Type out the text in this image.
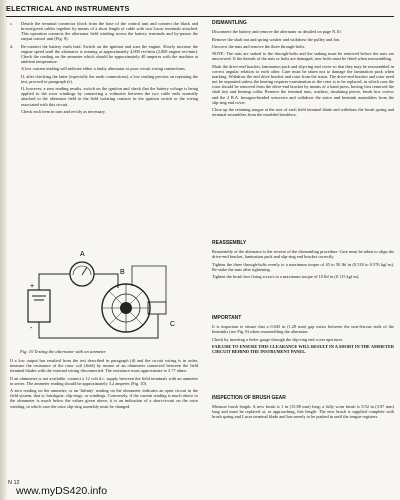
ELECTRICAL AND INSTRUMENTS
c.	Detach the terminal connector block from the base of the control unit and connect the black and brown/green cables together by means of a short length of cable with two Lucar terminals attached. This operation connects the alternator field winding across the battery terminals and by-passes the output control unit (Fig. 9).
d.	Re-connect the battery earth lead. Switch on the ignition and start the engine. Slowly increase the engine speed until the alternator is running at approximately 4,000 rev/min (2,000 engine rev/min). Check the reading on the ammeter which should be approximately 40 amperes with the machine at ambient temperature.

A low current reading will indicate either a faulty alternator or poor circuit wiring connections.

If, after checking the latter (especially the earth connections), a low reading persists on repeating the test, proceed to paragraph (e).

If, however, a zero reading results, switch on the ignition and check that the battery voltage is being applied to the rotor windings by connecting a voltmeter between the two cable ends normally attached to the alternator field in the field isolating contacts in the ignition switch or the wiring associated with this circuit.

Check each item in turn and rectify as necessary.

A
B
C
+
-
Fig. 10 Testing the alternator with an ammeter

If a low output has resulted from the test described in paragraph (d) and the circuit wiring is in order, measure the resistance of the rotor coil (field) by means of an ohmmeter connected between the field terminal blades with the external wiring disconnected. The resistance must approximate to 3.77 ohms.

If an ohmmeter is not available, connect a 12 volt d.c. supply between the field terminals with an ammeter in series. The ammeter reading should be approximately 3.2 amperes (Fig. 10).

A zero reading on the ammeter, or an 'Infinity' reading on the ohmmeter indicates an open circuit in the field system, that is, brushgear, slip-rings, or windings. Conversely, if the current reading is much above or the ohmmeter is much below the values given above, it is an indication of a short-circuit on the rotor winding, in which case the rotor slip-ring assembly must be changed.

N 12
www.myDS420.info
DISMANTLING

Disconnect the battery and remove the alternator as detailed on page N.10.

Remove the shaft nut and spring washer and withdraw the pulley and fan.

Unscrew the nuts and remove the three through-bolts.

NOTE: The nuts are staked to the through-bolts and the staking must be removed before the nuts are unscrewed. If the threads of the nuts or bolts are damaged, new bolts must be fitted when reassembling.

Mark the drive-end bracket, lamination pack and slip-ring end cover so that they may be reassembled in correct angular relation to each other. Care must be taken not to damage the lamination pack when marking. Withdraw the end drive bracket and rotor from the stator. The drive-end bracket and rotor need not be separated unless the bearing requires examination or the rotor is to be replaced, in which case the rotor should be removed from the drive-end bracket by means of a hand press, having first removed the shaft key and bearing collar. Remove the terminal nuts, washers, insulating pieces, brush box screws and the 2 B.A. hexagon-headed setscrews and withdraw the stator and heatsink assemblies from the slip-ring end cover.

Close up the retaining tongue at the root of each field terminal blade and withdraw the brush spring and terminal assemblies from the moulded brushbox.

REASSEMBLY

Reassembly of the alternator is the reverse of the dismantling procedure. Care must be taken to align the drive-end bracket, lamination pack and slip-ring end bracket correctly.

Tighten the three through-bolts evenly to a maximum torque of 45 to 50 lbf in (0.518 to 0.576 kgf m). Re-stake the nuts after tightening.

Tighten the brush box fixing screws to a maximum torque of 10 lbf in (0.115 kgf m).

IMPORTANT

It is important to ensure that a 0.045 in (1.28 mm) gap exists between the non-ferrous ends of the heatsinks (see Fig. 8) when reassembling the alternator.

Check by inserting a feeler gauge through the slip-ring end cover apertures.

FAILURE TO ENSURE THIS CLEARANCE WILL RESULT IN A SHORT IN THE AMMETER CIRCUIT BEHIND THE INSTRUMENT PANEL.

INSPECTION OF BRUSH GEAR

Measure brush length. A new brush is 1 in (15.88 mm) long; a fully worn brush is 5/32 in (3.97 mm) long and must be replaced at, or approaching, this length. The new brush is supplied complete with brush spring and Lucar terminal blade and has merely to be pushed in until the tongue registers.
